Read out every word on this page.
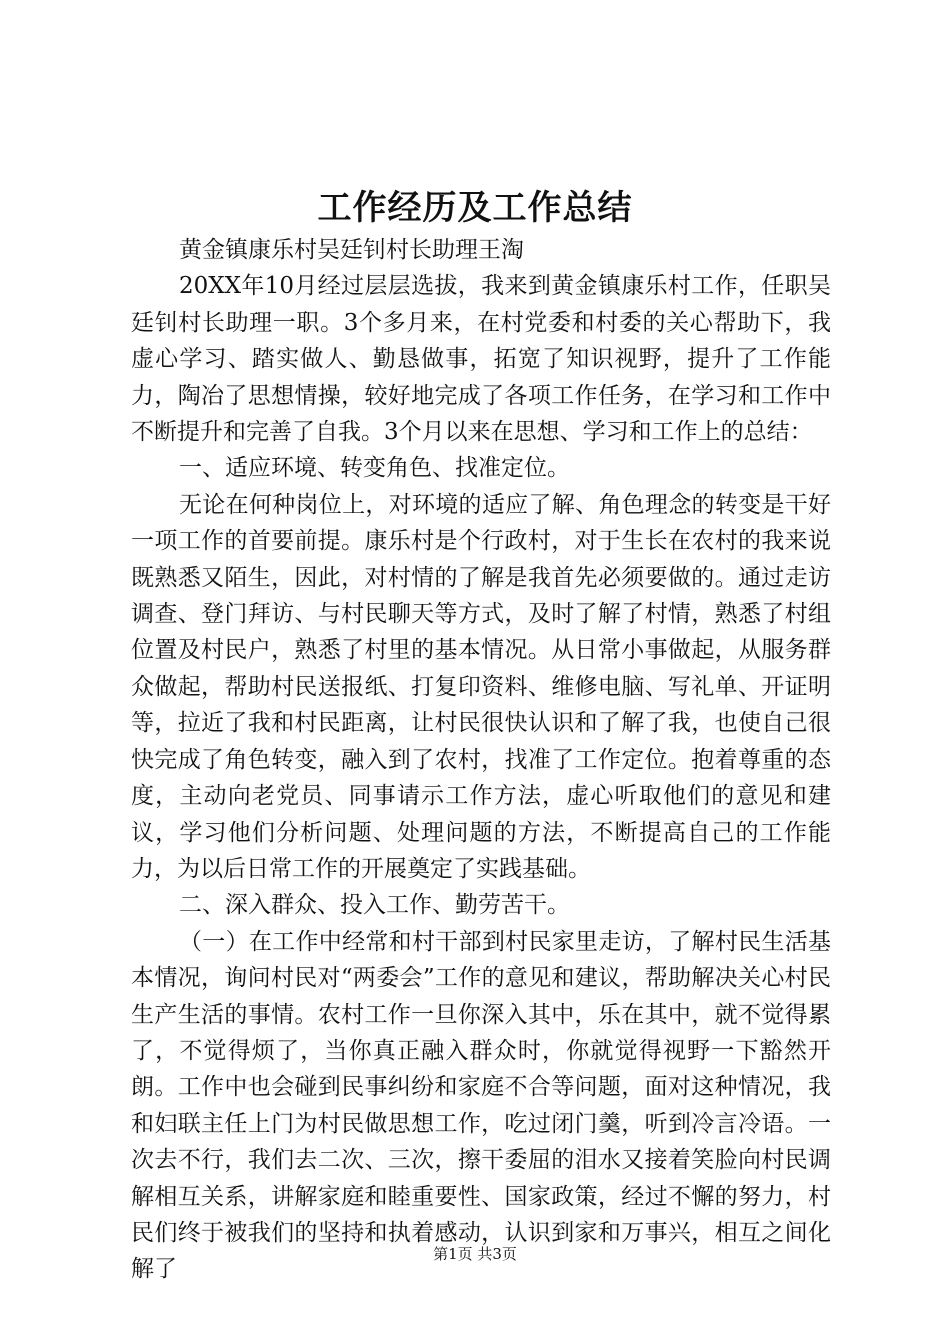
工作经历及工作总结

黄金镇康乐村吴廷钊村长助理王淘

20XX年10月经过层层选拔，我来到黄金镇康乐村工作，任职吴廷钊村长助理一职。3个多月来，在村党委和村委的关心帮助下，我虚心学习、踏实做人、勤恳做事，拓宽了知识视野，提升了工作能力，陶冶了思想情操，较好地完成了各项工作任务，在学习和工作中不断提升和完善了自我。3个月以来在思想、学习和工作上的总结：

一、适应环境、转变角色、找准定位。

无论在何种岗位上，对环境的适应了解、角色理念的转变是干好一项工作的首要前提。康乐村是个行政村，对于生长在农村的我来说既熟悉又陌生，因此，对村情的了解是我首先必须要做的。通过走访调查、登门拜访、与村民聊天等方式，及时了解了村情，熟悉了村组位置及村民户，熟悉了村里的基本情况。从日常小事做起，从服务群众做起，帮助村民送报纸、打复印资料、维修电脑、写礼单、开证明等，拉近了我和村民距离，让村民很快认识和了解了我，也使自己很快完成了角色转变，融入到了农村，找准了工作定位。抱着尊重的态度，主动向老党员、同事请示工作方法，虚心听取他们的意见和建议，学习他们分析问题、处理问题的方法，不断提高自己的工作能力，为以后日常工作的开展奠定了实践基础。

二、深入群众、投入工作、勤劳苦干。

（一）在工作中经常和村干部到村民家里走访，了解村民生活基本情况，询问村民对“两委会”工作的意见和建议，帮助解决关心村民生产生活的事情。农村工作一旦你深入其中，乐在其中，就不觉得累了，不觉得烦了，当你真正融入群众时，你就觉得视野一下豁然开朗。工作中也会碰到民事纠纷和家庭不合等问题，面对这种情况，我和妇联主任上门为村民做思想工作，吃过闭门羹，听到冷言冷语。一次去不行，我们去二次、三次，擦干委屈的泪水又接着笑脸向村民调解相互关系，讲解家庭和睦重要性、国家政策，经过不懈的努力，村民们终于被我们的坚持和执着感动，认识到家和万事兴，相互之间化解了

第1页 共3页
